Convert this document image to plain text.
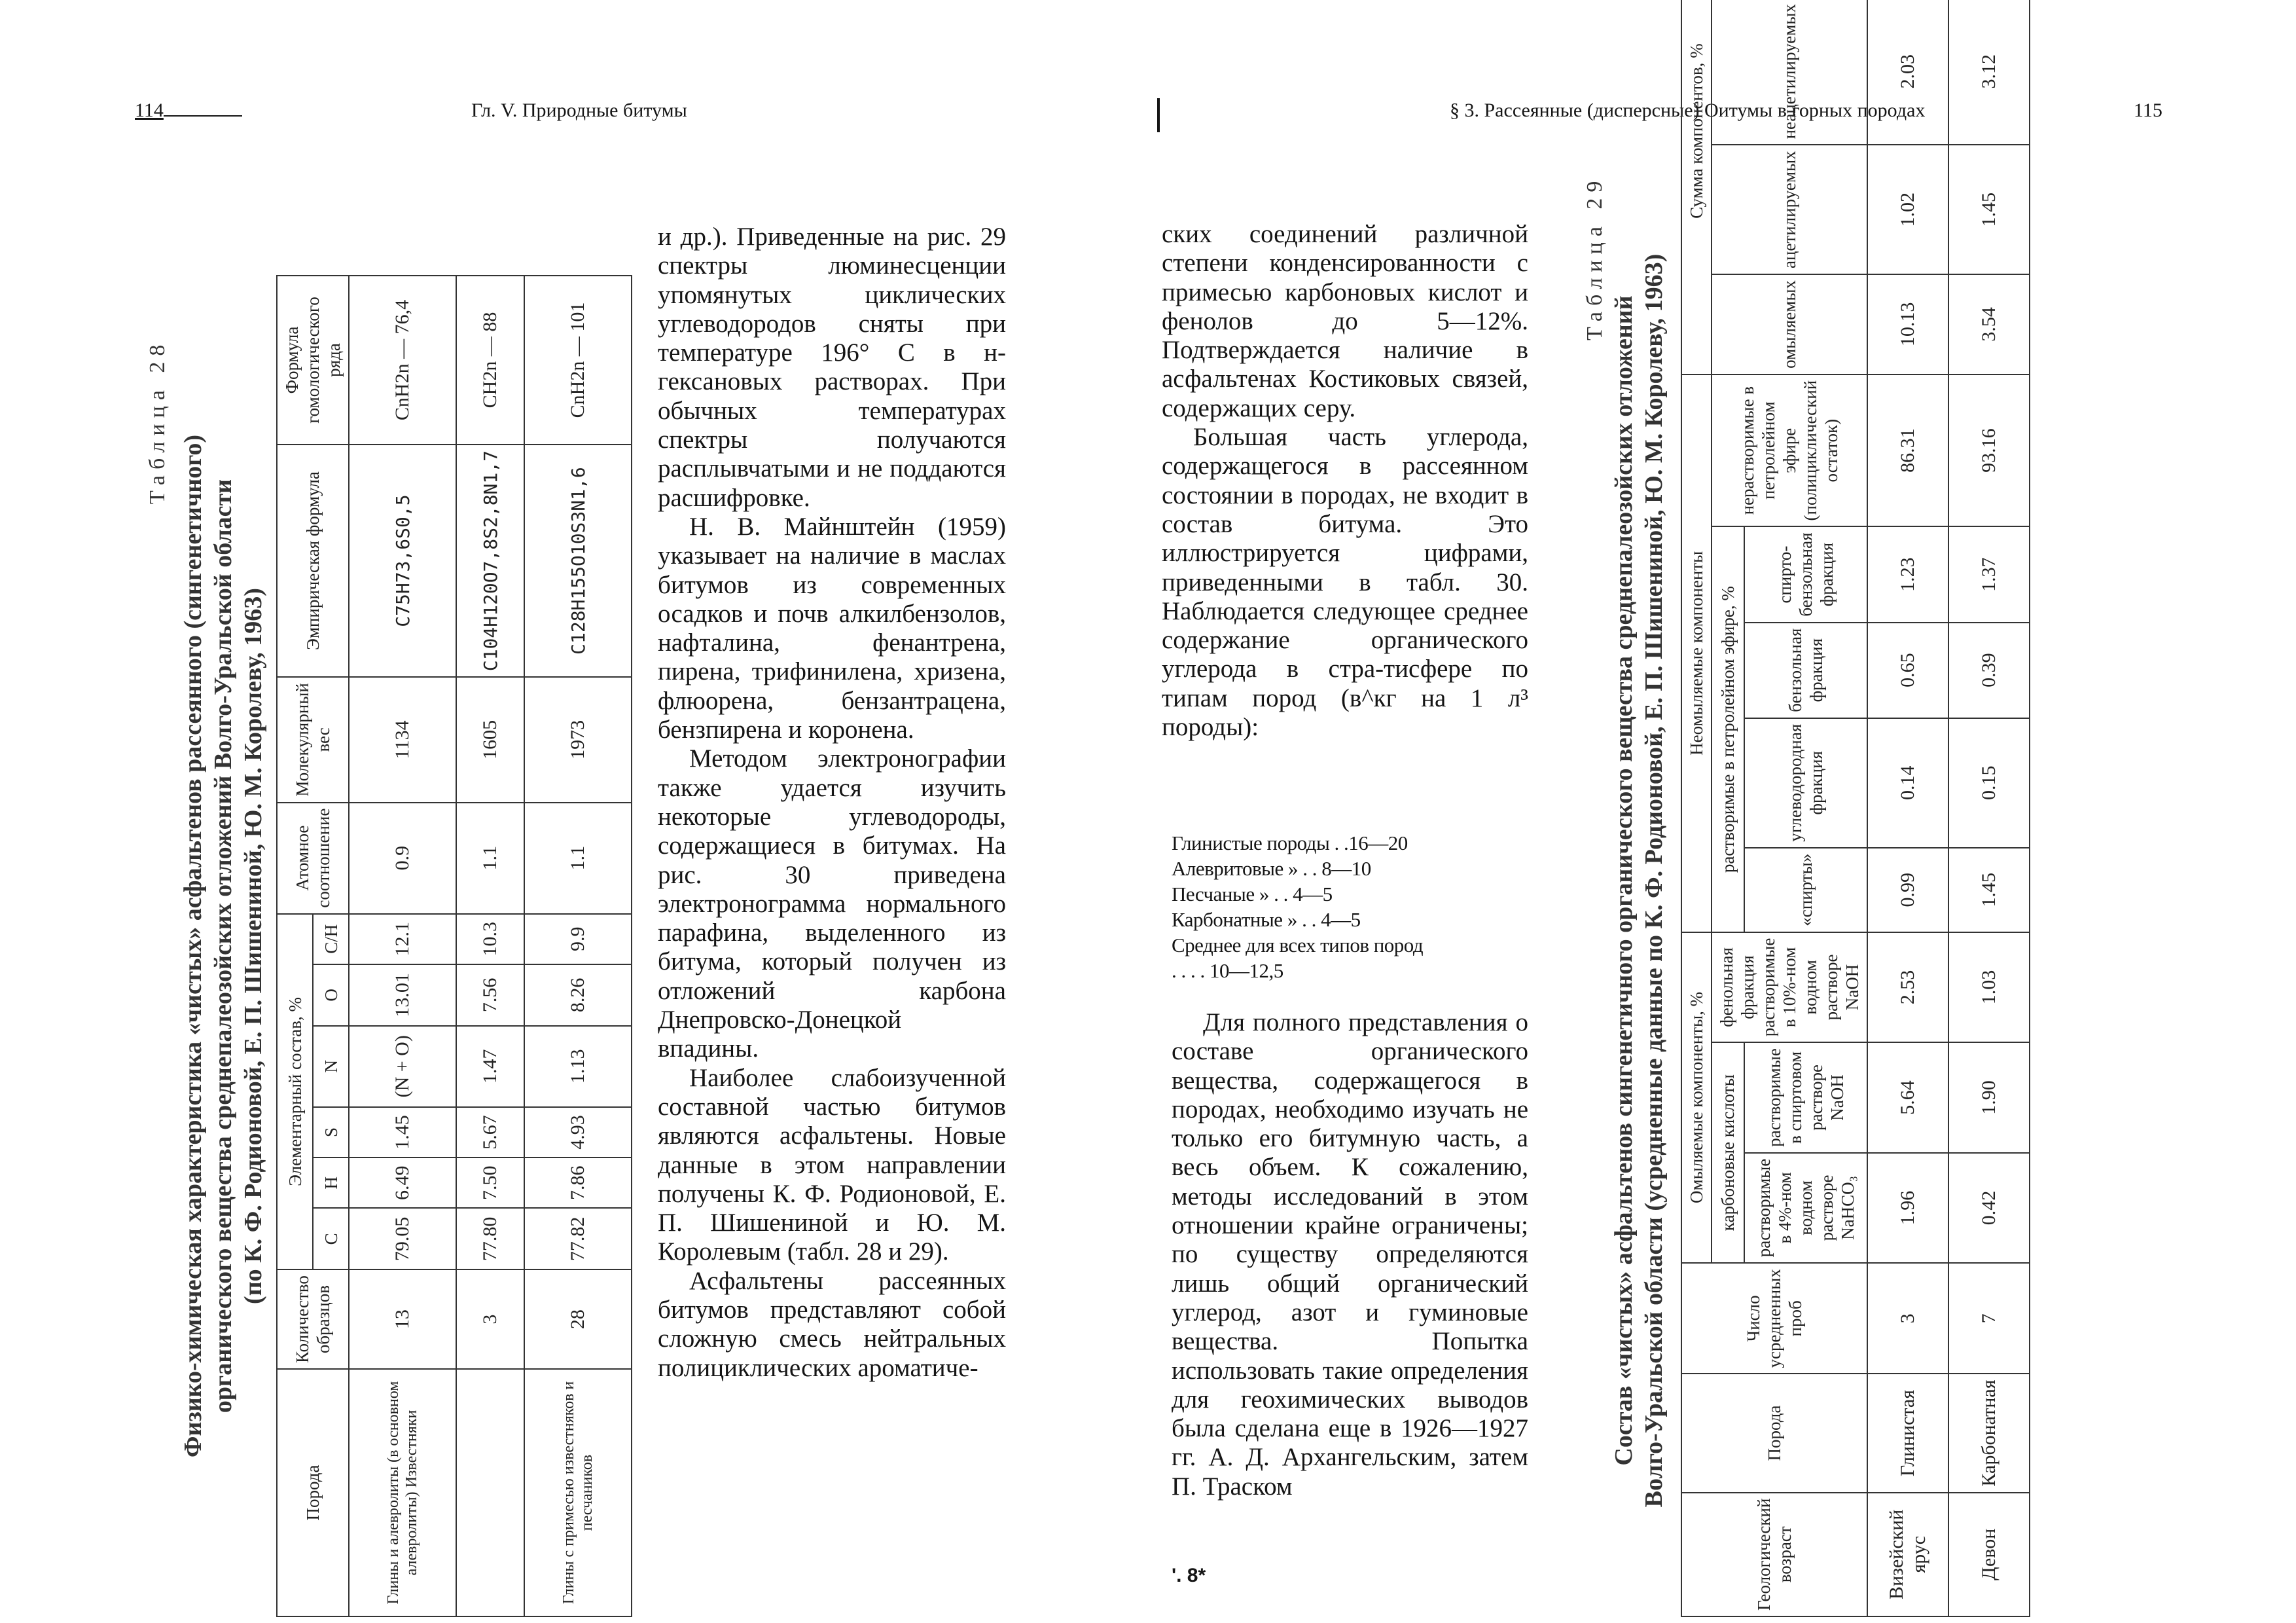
114	Гл. V. Природные битумы	§ 3. Рассеянные (дисперсные) Оитумы в горных породах	115
Таблица 28
Физико-химическая характеристика «чистых» асфальтенов рассеянного (сингенетичного) органического вещества среднепалеозойских отложений Волго-Уральской области (по К. Ф. Родионовой, Е. П. Шишениной, Ю. М. Королеву, 1963)
Порода	Количество образцов	Элементарный состав, %						Атомное соотношение	Молекулярный вес	Эмпирическая формула	Формула гомологического ряда
		C	H	S	N	O	C/H				
Глины и алевролиты (в основном алевролиты) Известняки	13	79.05	6.49	1.45	(N + O)	13.01	12.1	0.9	1134	C75H73,6S0,5	CnH2n — 76,4
	3	77.80	7.50	5.67	1.47	7.56	10.3	1.1	1605	C104H120O7,8S2,8N1,7	CH2n — 88
Глины с примесью известняков и песчаников	28	77.82	7.86	4.93	1.13	8.26	9.9	1.1	1973	C128H155O10S3N1,6	CnH2n — 101

и др.). Приведенные на рис. 29 спектры люминесценции упомянутых циклических углеводородов сняты при температуре 196° С в н-гексановых растворах. При обычных температурах спектры получаются расплывчатыми и не поддаются расшифровке.

Н. В. Майнштейн (1959) указывает на наличие в маслах битумов из современных осадков и почв алкилбензолов, нафталина, фенантрена, пирена, трифинилена, хризена, флюорена, бензантрацена, бензпирена и коронена.

Методом электронографии также удается изучить некоторые углеводороды, содержащиеся в битумах. На рис. 30 приведена электронограмма нормального парафина, выделенного из битума, который получен из отложений карбона Днепровско-Донецкой впадины.

Наиболее слабоизученной составной частью битумов являются асфальтены. Новые данные в этом направлении получены К. Ф. Родионовой, Е. П. Шишениной и Ю. М. Королевым (табл. 28 и 29).

Асфальтены рассеянных битумов представляют собой сложную смесь нейтральных полициклических ароматиче-

ских соединений различной степени конденсированности с примесью карбоновых кислот и фенолов до 5—12%. Подтверждается наличие в асфальтенах Костиковых связей, содержащих серу.

Большая часть углерода, содержащегося в рассеянном состоянии в породах, не входит в состав битума. Это иллюстрируется цифрами, приведенными в табл. 30. Наблюдается следующее среднее содержание органического углерода в стра-тисфере по типам пород (в^кг на 1 л³ породы):

Глинистые породы . .16—20
Алевритовые » . . 8—10
Песчаные » . . 4—5
Карбонатные » . . 4—5
Среднее для всех типов пород
. . . . 10—12,5

Для полного представления о составе органического вещества, содержащегося в породах, необходимо изучать не только его битумную часть, а весь объем. К сожалению, методы исследований в этом отношении крайне ограничены; по существу определяются лишь общий органический углерод, азот и гуминовые вещества. Попытка использовать такие определения для геохимических выводов была сделана еще в 1926—1927 гг. А. Д. Архангельским, затем П. Траском

'. 8*
Таблица 29
Состав «чистых» асфальтенов сингенетичного органического вещества среднепалеозойских отложений Волго-Уральской области (усредненные данные по К. Ф. Родионовой, Е. П. Шишениной, Ю. М. Королеву, 1963)
Геологический возраст	Порода	Число усредненных проб	Омыляемые компоненты, %			Неомыляемые компоненты					Сумма компонентов, %			
			карбоновые кислоты		фенольная фракция растворимые в 10%-ном водном растворе NaOH	растворимые в петролейном эфире, %				нерастворимые в петролейном эфире (полициклический остаток)	омыляемых	ацетилируемых	неацетилируемых	
			растворимые в 4%-ном водном растворе NaHCO₃	растворимые в спиртовом растворе NaOH		«спирты»	углеводородная фракция	бензольная фракция	спирто-бензольная фракция					
Визейский ярус	Глинистая	3	1.96	5.64	2.53	0.99	0.14	0.65	1.23	86.31	10.13	1.02	2.03	
Девон	Карбонатная	7	0.42	1.90	1.03	1.45	0.15	0.39	1.37	93.16	3.54	1.45	3.12	
